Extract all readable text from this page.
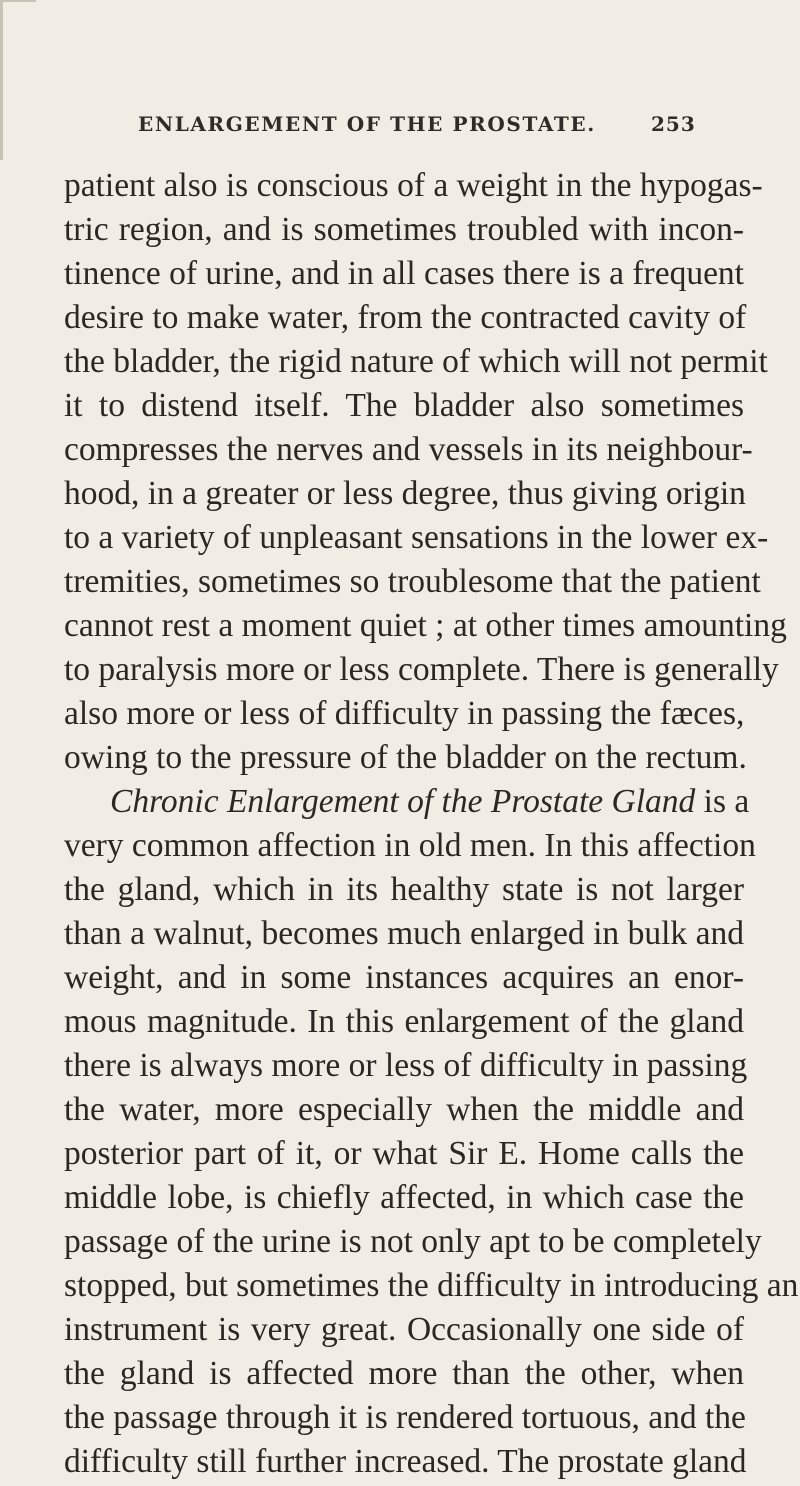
ENLARGEMENT OF THE PROSTATE.	253
patient also is conscious of a weight in the hypogas-
tric region, and is sometimes troubled with incon-
tinence of urine, and in all cases there is a frequent
desire to make water, from the contracted cavity of
the bladder, the rigid nature of which will not permit
it to distend itself. The bladder also sometimes
compresses the nerves and vessels in its neighbour-
hood, in a greater or less degree, thus giving origin
to a variety of unpleasant sensations in the lower ex-
tremities, sometimes so troublesome that the patient
cannot rest a moment quiet ; at other times amounting
to paralysis more or less complete. There is generally
also more or less of difficulty in passing the fæces,
owing to the pressure of the bladder on the rectum.
Chronic Enlargement of the Prostate Gland is a
very common affection in old men. In this affection
the gland, which in its healthy state is not larger
than a walnut, becomes much enlarged in bulk and
weight, and in some instances acquires an enor-
mous magnitude. In this enlargement of the gland
there is always more or less of difficulty in passing
the water, more especially when the middle and
posterior part of it, or what Sir E. Home calls the
middle lobe, is chiefly affected, in which case the
passage of the urine is not only apt to be completely
stopped, but sometimes the difficulty in introducing an
instrument is very great. Occasionally one side of
the gland is affected more than the other, when
the passage through it is rendered tortuous, and the
difficulty still further increased. The prostate gland
